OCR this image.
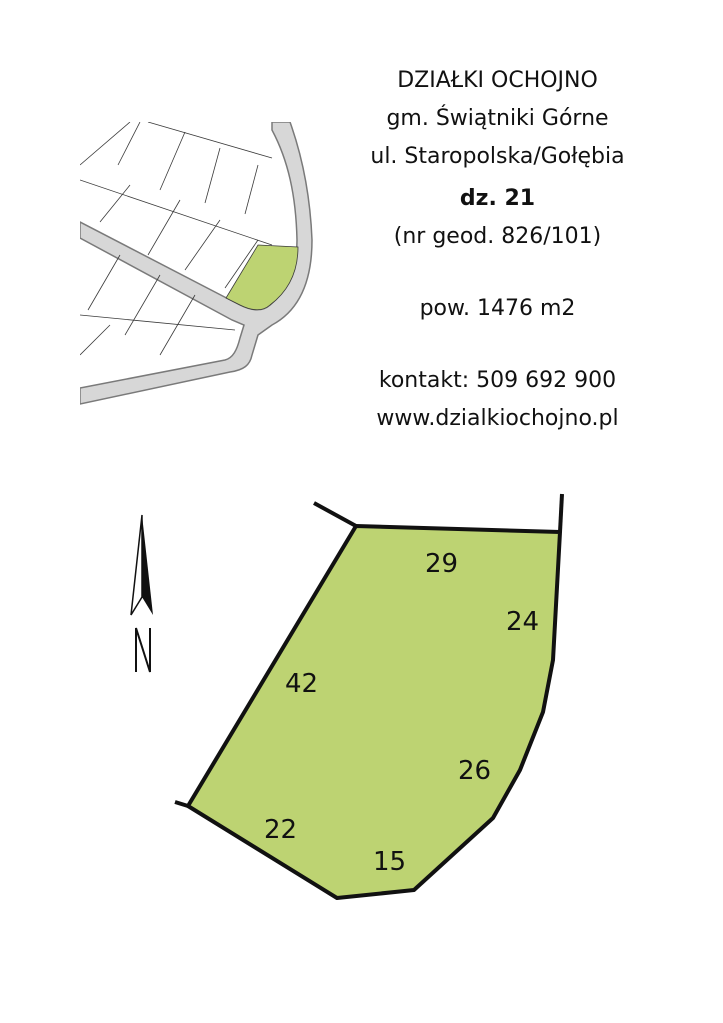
DZIAŁKI OCHOJNO
gm. Świątniki Górne
ul. Staropolska/Gołębia
dz. 21
(nr geod. 826/101)
pow. 1476 m2
kontakt: 509 692 900
www.dzialkiochojno.pl
29
24
42
26
22
15
